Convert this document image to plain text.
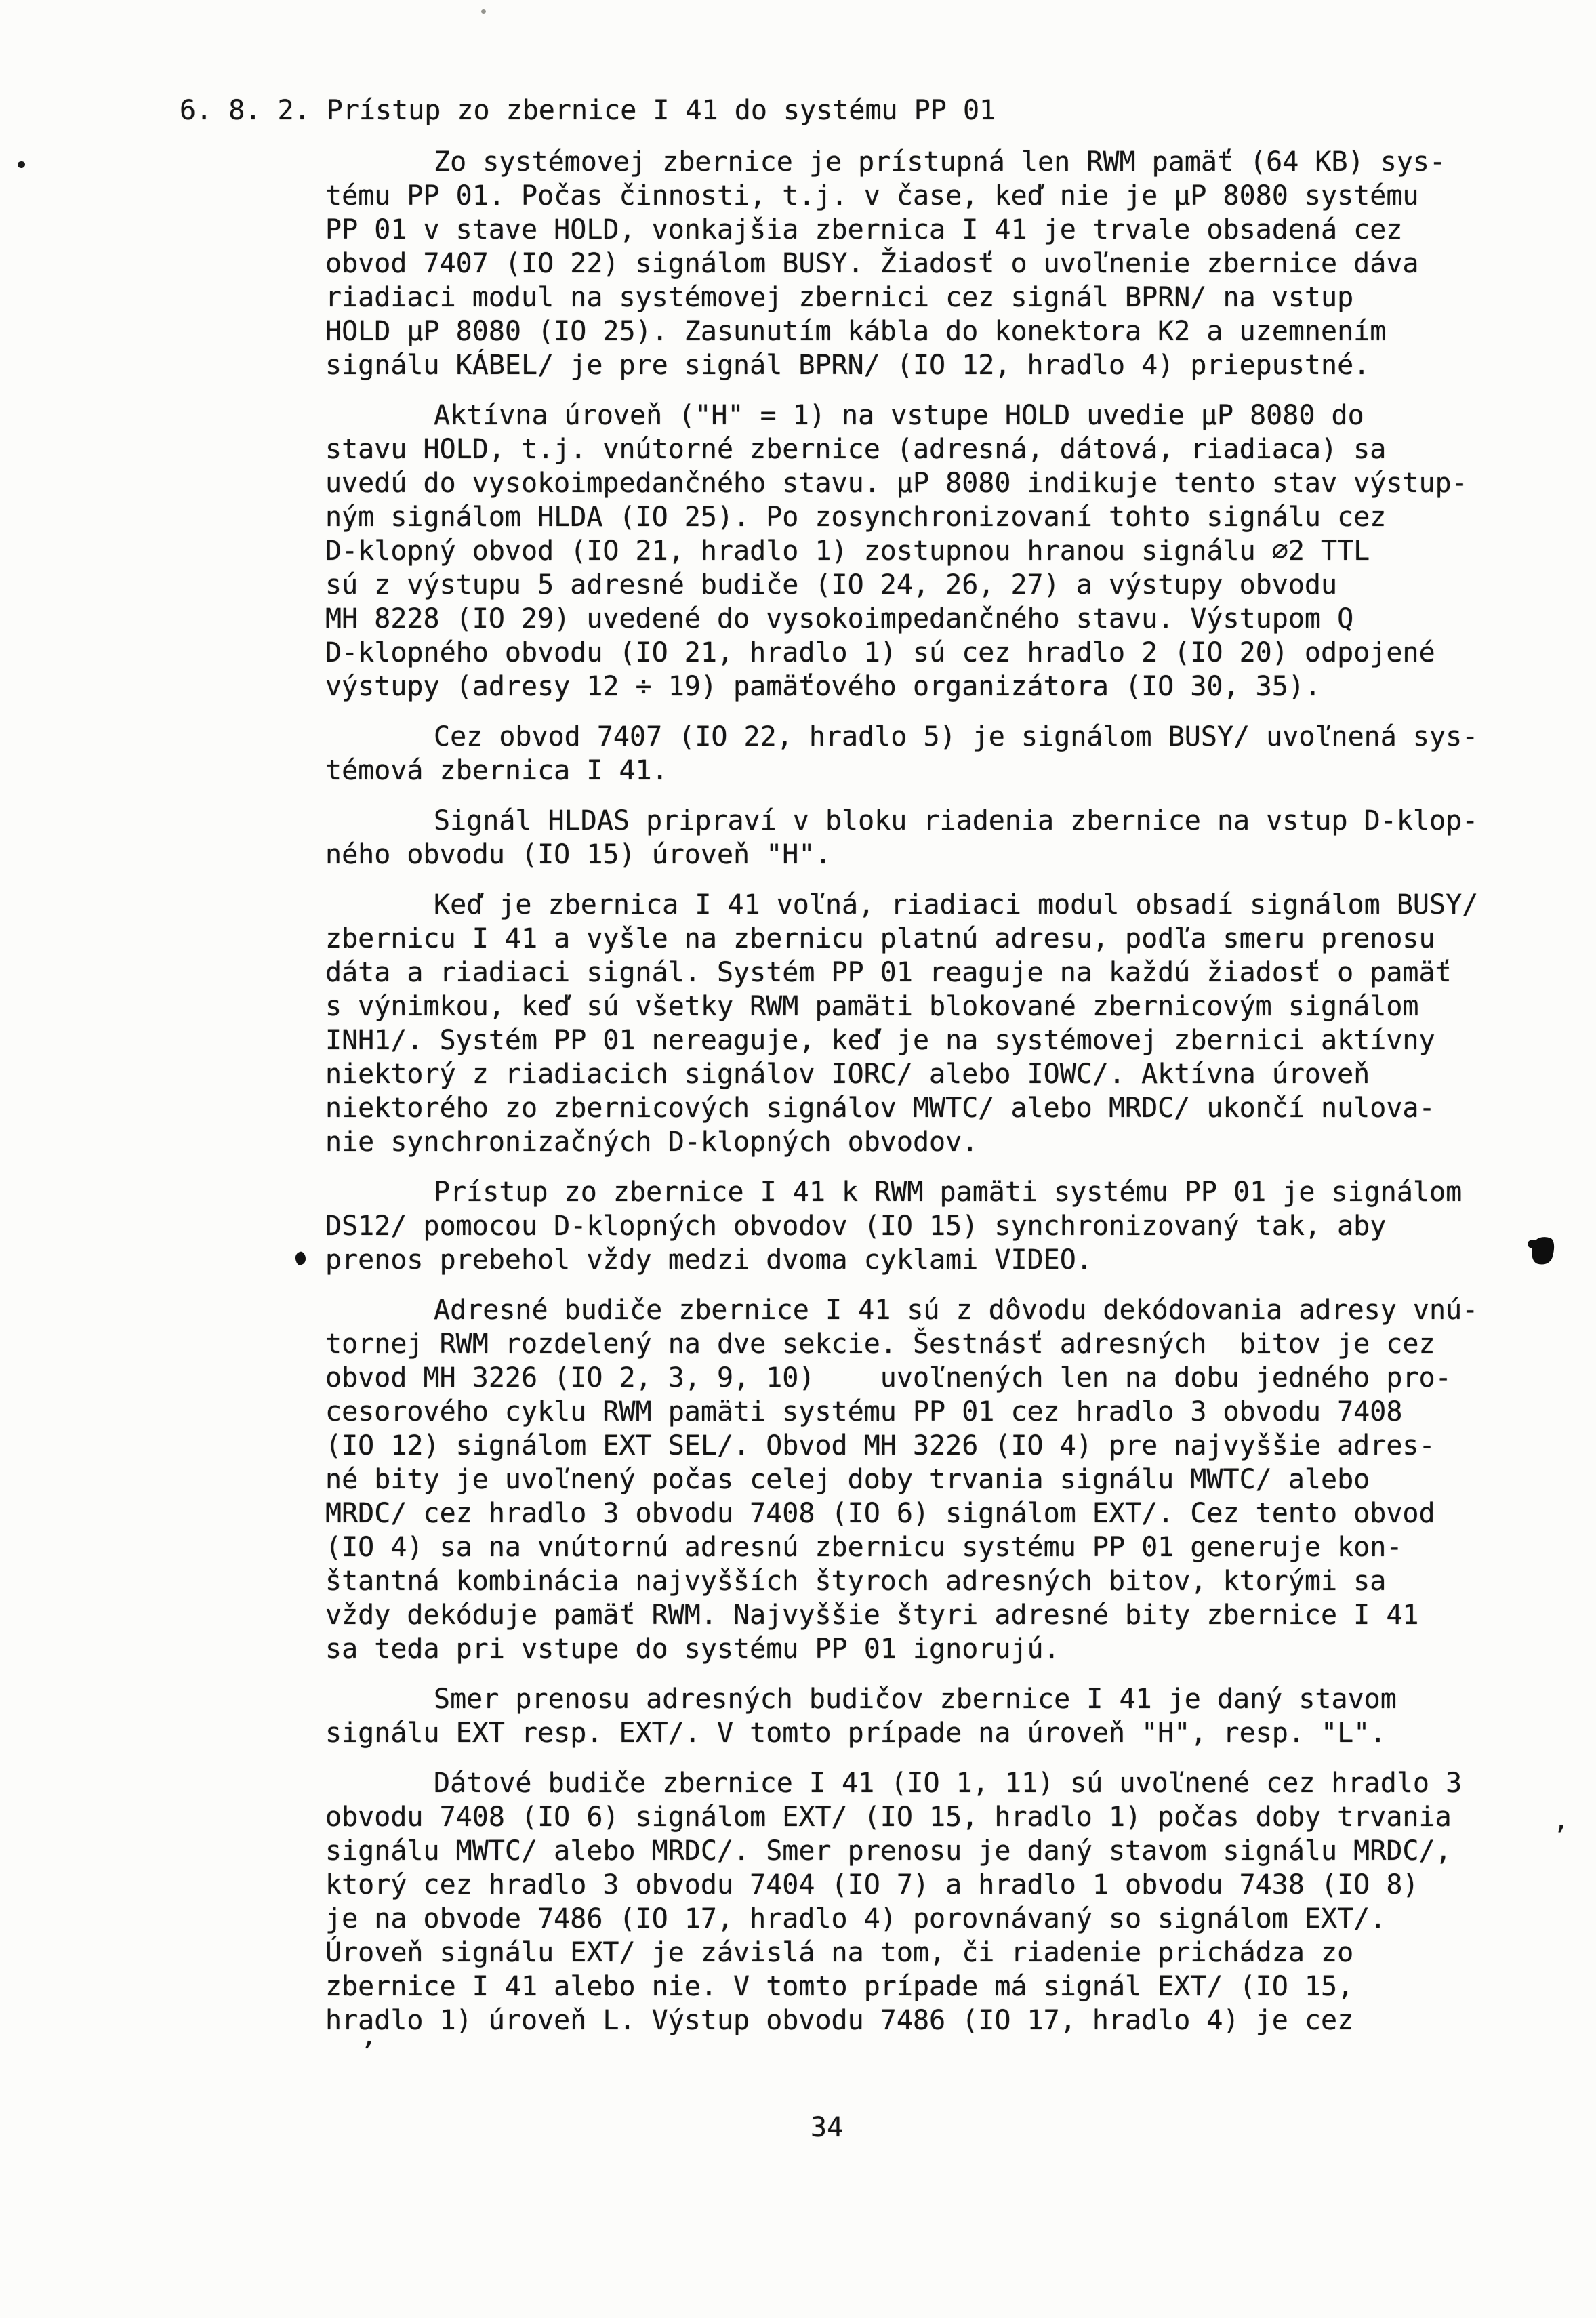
6. 8. 2. Prístup zo zbernice I 41 do systému PP 01
Zo systémovej zbernice je prístupná len RWM pamäť (64 KB) sys-
tému PP 01. Počas činnosti, t.j. v čase, keď nie je µP 8080 systému
PP 01 v stave HOLD, vonkajšia zbernica I 41 je trvale obsadená cez
obvod 7407 (IO 22) signálom BUSY. Žiadosť o uvoľnenie zbernice dáva
riadiaci modul na systémovej zbernici cez signál BPRN/ na vstup
HOLD µP 8080 (IO 25). Zasunutím kábla do konektora K2 a uzemnením
signálu KÁBEL/ je pre signál BPRN/ (IO 12, hradlo 4) priepustné.
Aktívna úroveň ("H" = 1) na vstupe HOLD uvedie µP 8080 do
stavu HOLD, t.j. vnútorné zbernice (adresná, dátová, riadiaca) sa
uvedú do vysokoimpedančného stavu. µP 8080 indikuje tento stav výstup-
ným signálom HLDA (IO 25). Po zosynchronizovaní tohto signálu cez
D-klopný obvod (IO 21, hradlo 1) zostupnou hranou signálu ∅2 TTL
sú z výstupu 5 adresné budiče (IO 24, 26, 27) a výstupy obvodu
MH 8228 (IO 29) uvedené do vysokoimpedančného stavu. Výstupom Q
D-klopného obvodu (IO 21, hradlo 1) sú cez hradlo 2 (IO 20) odpojené
výstupy (adresy 12 ÷ 19) pamäťového organizátora (IO 30, 35).
Cez obvod 7407 (IO 22, hradlo 5) je signálom BUSY/ uvoľnená sys-
témová zbernica I 41.
Signál HLDAS pripraví v bloku riadenia zbernice na vstup D-klop-
ného obvodu (IO 15) úroveň "H".
Keď je zbernica I 41 voľná, riadiaci modul obsadí signálom BUSY/
zbernicu I 41 a vyšle na zbernicu platnú adresu, podľa smeru prenosu
dáta a riadiaci signál. Systém PP 01 reaguje na každú žiadosť o pamäť
s výnimkou, keď sú všetky RWM pamäti blokované zbernicovým signálom
INH1/. Systém PP 01 nereaguje, keď je na systémovej zbernici aktívny
niektorý z riadiacich signálov IORC/ alebo IOWC/. Aktívna úroveň
niektorého zo zbernicových signálov MWTC/ alebo MRDC/ ukončí nulova-
nie synchronizačných D-klopných obvodov.
Prístup zo zbernice I 41 k RWM pamäti systému PP 01 je signálom
DS12/ pomocou D-klopných obvodov (IO 15) synchronizovaný tak, aby
prenos prebehol vždy medzi dvoma cyklami VIDEO.
Adresné budiče zbernice I 41 sú z dôvodu dekódovania adresy vnú-
tornej RWM rozdelený na dve sekcie. Šestnásť adresných  bitov je cez
obvod MH 3226 (IO 2, 3, 9, 10)    uvoľnených len na dobu jedného pro-
cesorového cyklu RWM pamäti systému PP 01 cez hradlo 3 obvodu 7408
(IO 12) signálom EXT SEL/. Obvod MH 3226 (IO 4) pre najvyššie adres-
né bity je uvoľnený počas celej doby trvania signálu MWTC/ alebo
MRDC/ cez hradlo 3 obvodu 7408 (IO 6) signálom EXT/. Cez tento obvod
(IO 4) sa na vnútornú adresnú zbernicu systému PP 01 generuje kon-
štantná kombinácia najvyšších štyroch adresných bitov, ktorými sa
vždy dekóduje pamäť RWM. Najvyššie štyri adresné bity zbernice I 41
sa teda pri vstupe do systému PP 01 ignorujú.
Smer prenosu adresných budičov zbernice I 41 je daný stavom
signálu EXT resp. EXT/. V tomto prípade na úroveň "H", resp. "L".
Dátové budiče zbernice I 41 (IO 1, 11) sú uvoľnené cez hradlo 3
obvodu 7408 (IO 6) signálom EXT/ (IO 15, hradlo 1) počas doby trvania	,
signálu MWTC/ alebo MRDC/. Smer prenosu je daný stavom signálu MRDC/,
ktorý cez hradlo 3 obvodu 7404 (IO 7) a hradlo 1 obvodu 7438 (IO 8)
je na obvode 7486 (IO 17, hradlo 4) porovnávaný so signálom EXT/.
Úroveň signálu EXT/ je závislá na tom, či riadenie prichádza zo
zbernice I 41 alebo nie. V tomto prípade má signál EXT/ (IO 15,
hradlo 1) úroveň L. Výstup obvodu 7486 (IO 17, hradlo 4) je cez
ʼ
34
